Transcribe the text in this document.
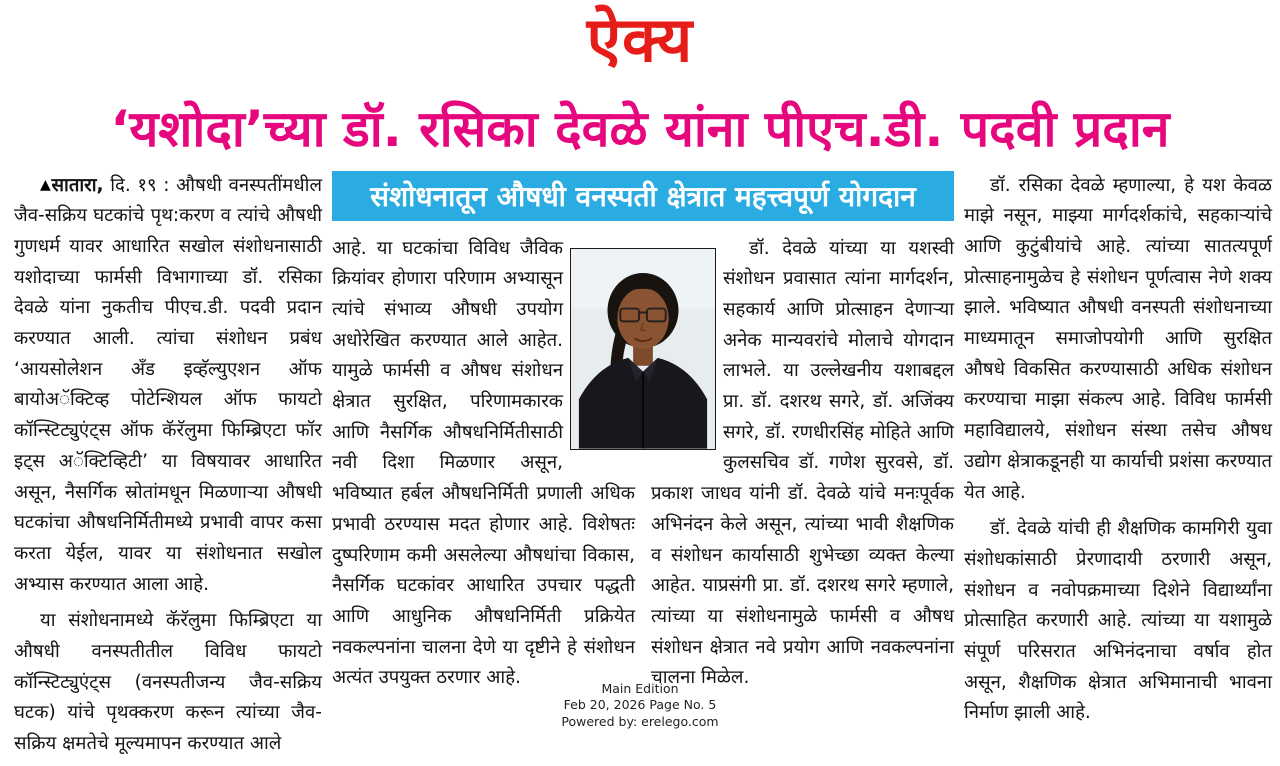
ऐक्य
‘यशोदा’च्या डॉ. रसिका देवळे यांना पीएच.डी. पदवी प्रदान

▲सातारा, दि. १९ : औषधी वनस्पतींमधील जैव-सक्रिय घटकांचे पृथ:करण व त्यांचे औषधी गुणधर्म यावर आधारित सखोल संशोधनासाठी यशोदाच्या फार्मसी विभागाच्या डॉ. रसिका देवळे यांना नुकतीच पीएच.डी. पदवी प्रदान करण्यात आली. त्यांचा संशोधन प्रबंध ‘आयसोलेशन अँड इव्हॅल्युएशन ऑफ बायोअॅक्टिव्ह पोटेन्शियल ऑफ फायटो कॉन्स्टिट्युएंट्स ऑफ कॅरॅलुमा फिम्ब्रिएटा फॉर इट्स अॅक्टिव्हिटी’ या विषयावर आधारित असून, नैसर्गिक स्रोतांमधून मिळणाऱ्या औषधी घटकांचा औषधनिर्मितीमध्ये प्रभावी वापर कसा करता येईल, यावर या संशोधनात सखोल अभ्यास करण्यात आला आहे.

या संशोधनामध्ये कॅरॅलुमा फिम्ब्रिएटा या औषधी वनस्पतीतील विविध फायटो कॉन्स्टिट्युएंट्स (वनस्पतीजन्य जैव-सक्रिय घटक) यांचे पृथक्करण करून त्यांच्या जैव-सक्रिय क्षमतेचे मूल्यमापन करण्यात आले

संशोधनातून औषधी वनस्पती क्षेत्रात महत्त्वपूर्ण योगदान

आहे. या घटकांचा विविध जैविक क्रियांवर होणारा परिणाम अभ्यासून त्यांचे संभाव्य औषधी उपयोग अधोरेखित करण्यात आले आहेत. यामुळे फार्मसी व औषध संशोधन क्षेत्रात सुरक्षित, परिणामकारक आणि नैसर्गिक औषधनिर्मितीसाठी नवी दिशा मिळणार असून, भविष्यात हर्बल औषधनिर्मिती प्रणाली अधिक प्रभावी ठरण्यास मदत होणार आहे. विशेषतः दुष्परिणाम कमी असलेल्या औषधांचा विकास, नैसर्गिक घटकांवर आधारित उपचार पद्धती आणि आधुनिक औषधनिर्मिती प्रक्रियेत नवकल्पनांना चालना देणे या दृष्टीने हे संशोधन अत्यंत उपयुक्त ठरणार आहे.

डॉ. देवळे यांच्या या यशस्वी संशोधन प्रवासात त्यांना मार्गदर्शन, सहकार्य आणि प्रोत्साहन देणाऱ्या अनेक मान्यवरांचे मोलाचे योगदान लाभले. या उल्लेखनीय यशाबद्दल प्रा. डॉ. दशरथ सगरे, डॉ. अजिंक्य सगरे, डॉ. रणधीरसिंह मोहिते आणि कुलसचिव डॉ. गणेश सुरवसे, डॉ. प्रकाश जाधव यांनी डॉ. देवळे यांचे मनःपूर्वक अभिनंदन केले असून, त्यांच्या भावी शैक्षणिक व संशोधन कार्यासाठी शुभेच्छा व्यक्त केल्या आहेत. याप्रसंगी प्रा. डॉ. दशरथ सगरे म्हणाले, त्यांच्या या संशोधनामुळे फार्मसी व औषध संशोधन क्षेत्रात नवे प्रयोग आणि नवकल्पनांना चालना मिळेल.

डॉ. रसिका देवळे म्हणाल्या, हे यश केवळ माझे नसून, माझ्या मार्गदर्शकांचे, सहकाऱ्यांचे आणि कुटुंबीयांचे आहे. त्यांच्या सातत्यपूर्ण प्रोत्साहनामुळेच हे संशोधन पूर्णत्वास नेणे शक्य झाले. भविष्यात औषधी वनस्पती संशोधनाच्या माध्यमातून समाजोपयोगी आणि सुरक्षित औषधे विकसित करण्यासाठी अधिक संशोधन करण्याचा माझा संकल्प आहे. विविध फार्मसी महाविद्यालये, संशोधन संस्था तसेच औषध उद्योग क्षेत्राकडूनही या कार्याची प्रशंसा करण्यात येत आहे.

डॉ. देवळे यांची ही शैक्षणिक कामगिरी युवा संशोधकांसाठी प्रेरणादायी ठरणारी असून, संशोधन व नवोपक्रमाच्या दिशेने विद्यार्थ्यांना प्रोत्साहित करणारी आहे. त्यांच्या या यशामुळे संपूर्ण परिसरात अभिनंदनाचा वर्षाव होत असून, शैक्षणिक क्षेत्रात अभिमानाची भावना निर्माण झाली आहे.

Main Edition
Feb 20, 2026 Page No. 5
Powered by: erelego.com
